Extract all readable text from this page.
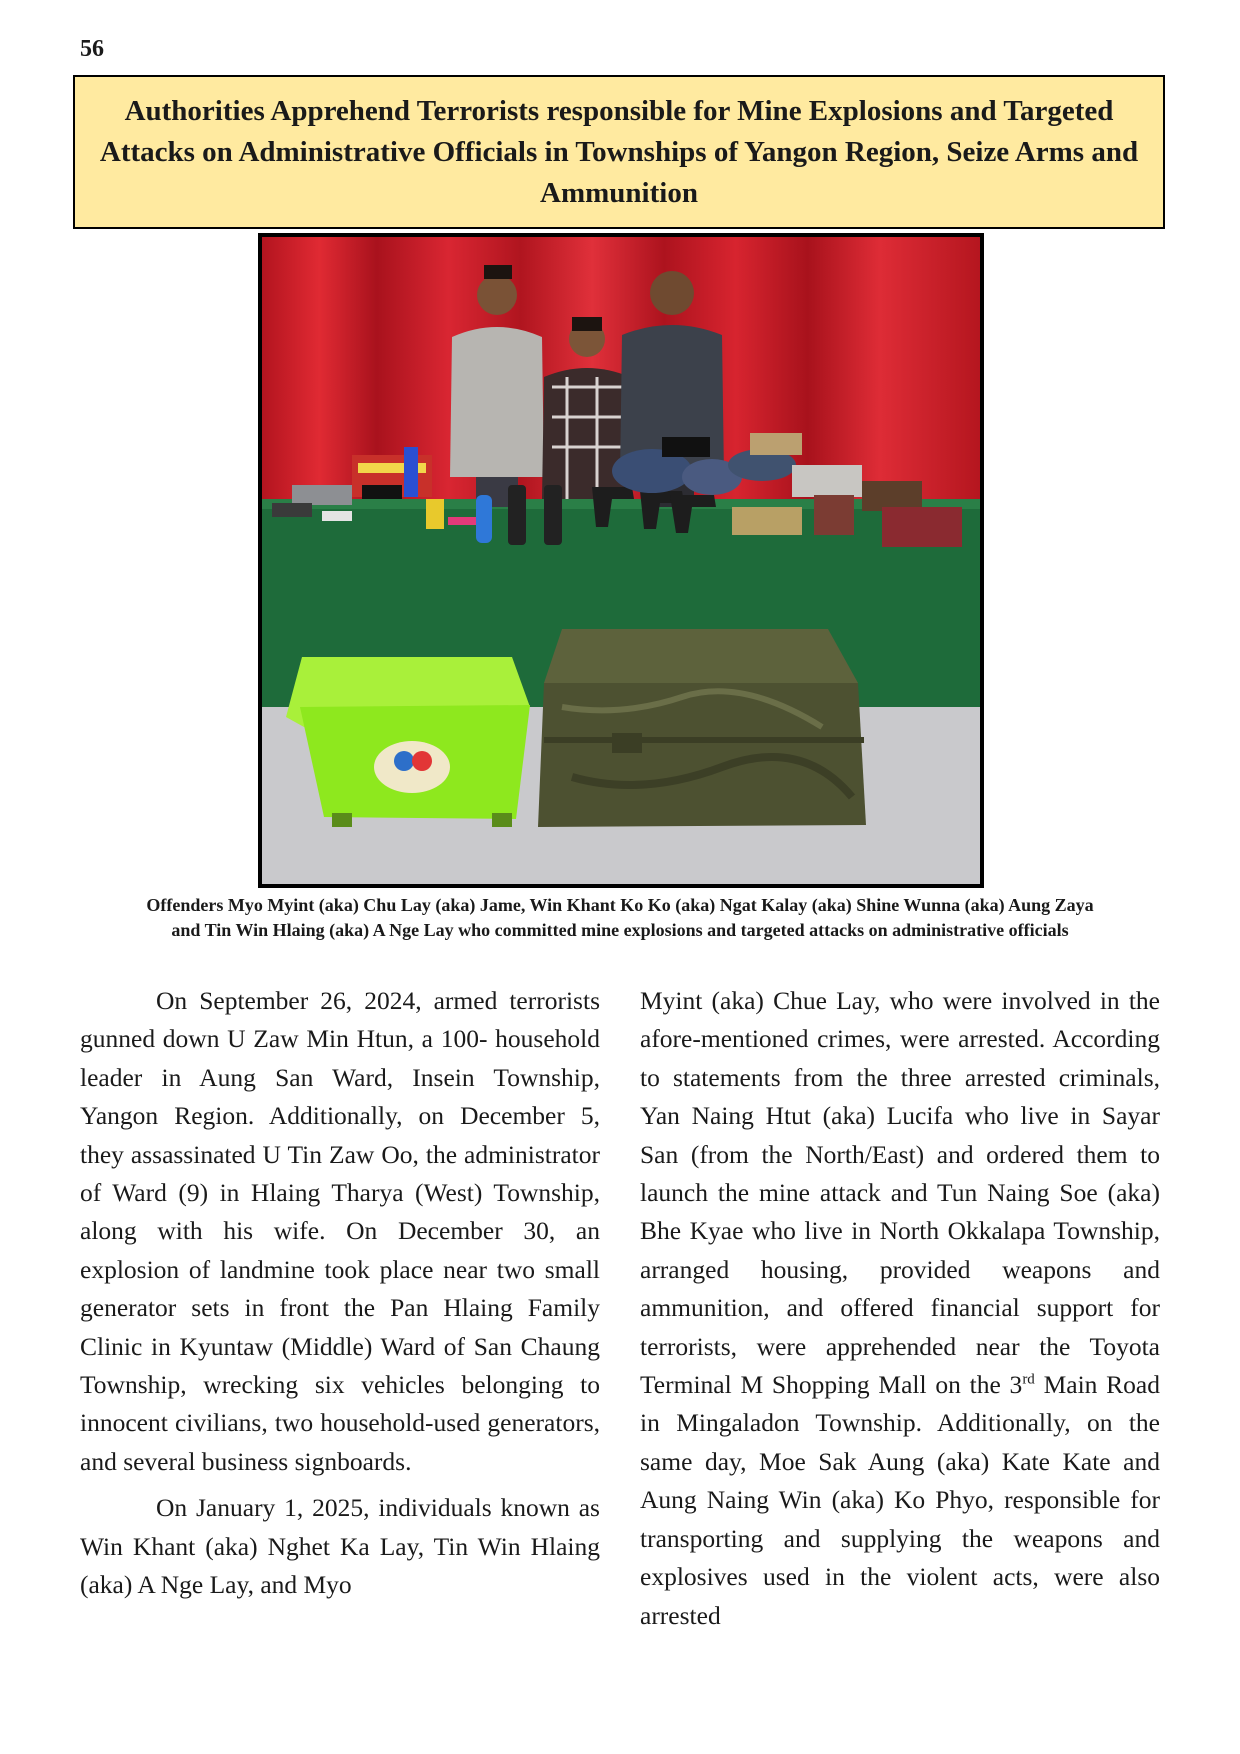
56
Authorities Apprehend Terrorists responsible for Mine Explosions and Targeted Attacks on Administrative Officials in Townships of Yangon Region, Seize Arms and Ammunition
Offenders Myo Myint (aka) Chu Lay (aka) Jame, Win Khant Ko Ko (aka) Ngat Kalay (aka) Shine Wunna (aka) Aung Zaya and Tin Win Hlaing (aka) A Nge Lay who committed mine explosions and targeted attacks on administrative officials

On September 26, 2024, armed terrorists gunned down U Zaw Min Htun, a 100- household leader in Aung San Ward, Insein Township, Yangon Region. Additionally, on December 5, they assassinated U Tin Zaw Oo, the administrator of Ward (9) in Hlaing Tharya (West) Township, along with his wife. On December 30, an explosion of landmine took place near two small generator sets in front the Pan Hlaing Family Clinic in Kyuntaw (Middle) Ward of San Chaung Township, wrecking six vehicles belonging to innocent civilians, two household-used generators, and several business signboards.

On January 1, 2025, individuals known as Win Khant (aka) Nghet Ka Lay, Tin Win Hlaing (aka) A Nge Lay, and Myo

Myint (aka) Chue Lay, who were involved in the afore-mentioned crimes, were arrested. According to statements from the three arrested criminals, Yan Naing Htut (aka) Lucifa who live in Sayar San (from the North/East) and ordered them to launch the mine attack and Tun Naing Soe (aka) Bhe Kyae who live in North Okkalapa Township, arranged housing, provided weapons and ammunition, and offered financial support for terrorists, were apprehended near the Toyota Terminal M Shopping Mall on the 3rd Main Road in Mingaladon Township. Additionally, on the same day, Moe Sak Aung (aka) Kate Kate and Aung Naing Win (aka) Ko Phyo, responsible for transporting and supplying the weapons and explosives used in the violent acts, were also arrested
